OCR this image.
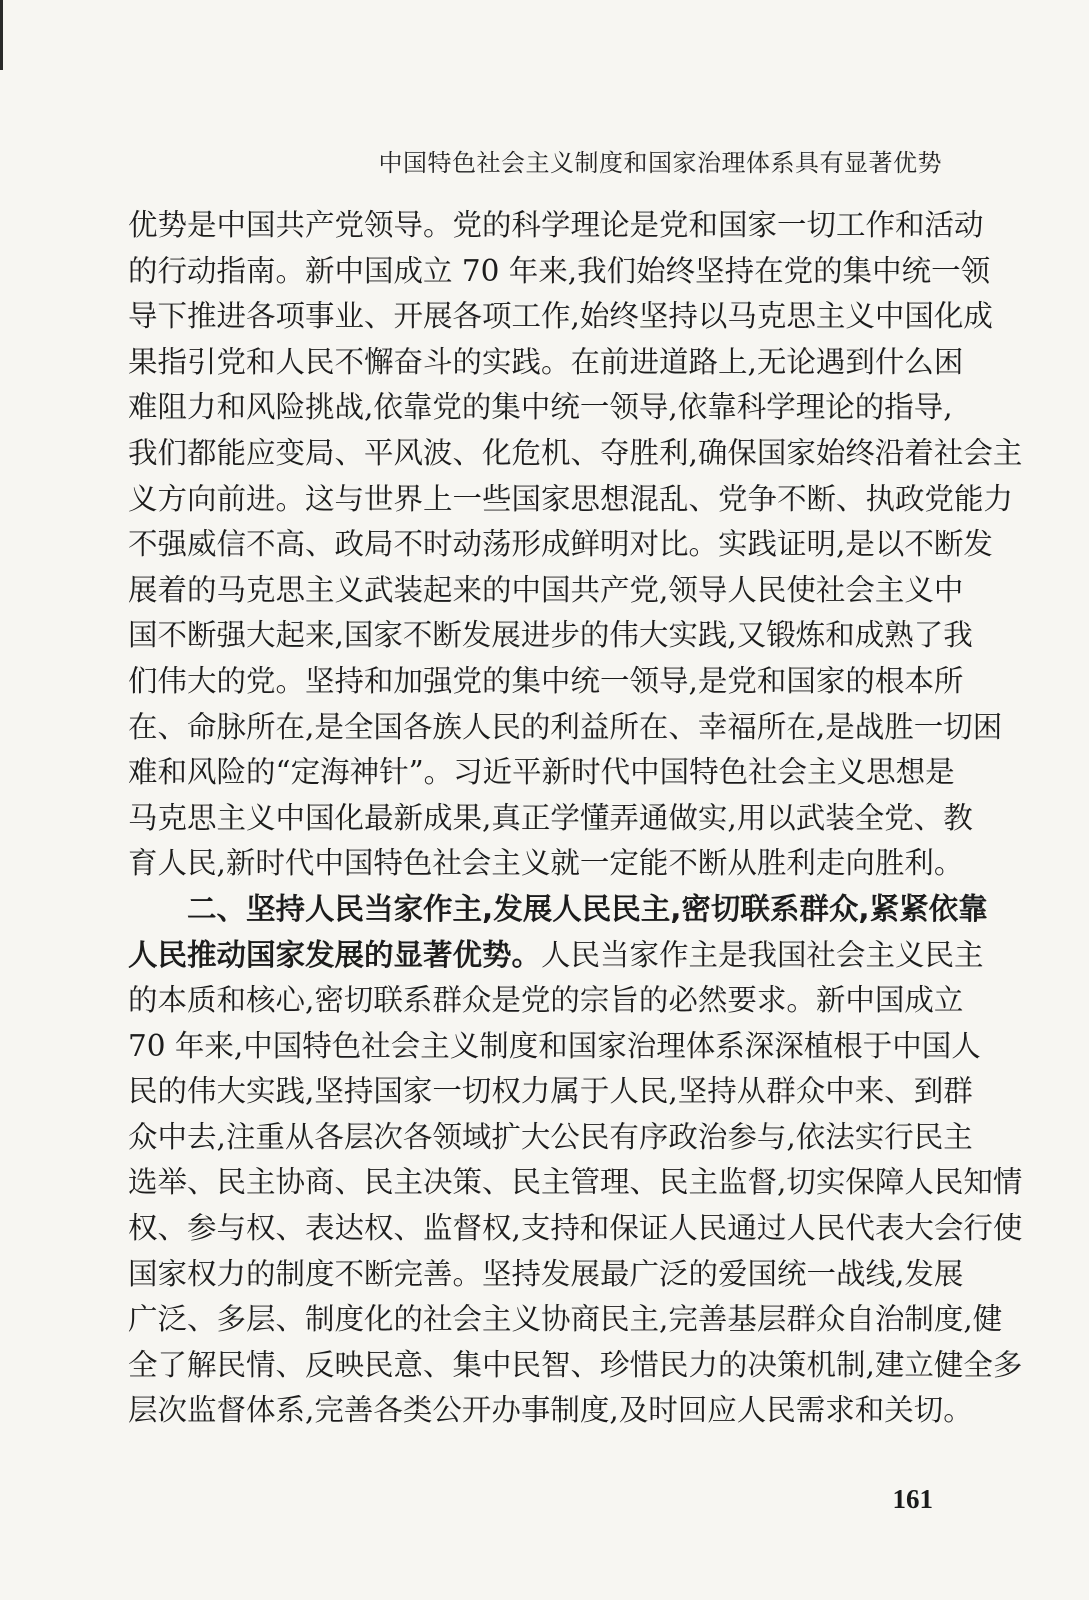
中国特色社会主义制度和国家治理体系具有显著优势
优势是中国共产党领导。党的科学理论是党和国家一切工作和活动
的行动指南。新中国成立 70 年来,我们始终坚持在党的集中统一领
导下推进各项事业、开展各项工作,始终坚持以马克思主义中国化成
果指引党和人民不懈奋斗的实践。在前进道路上,无论遇到什么困
难阻力和风险挑战,依靠党的集中统一领导,依靠科学理论的指导,
我们都能应变局、平风波、化危机、夺胜利,确保国家始终沿着社会主
义方向前进。这与世界上一些国家思想混乱、党争不断、执政党能力
不强威信不高、政局不时动荡形成鲜明对比。实践证明,是以不断发
展着的马克思主义武装起来的中国共产党,领导人民使社会主义中
国不断强大起来,国家不断发展进步的伟大实践,又锻炼和成熟了我
们伟大的党。坚持和加强党的集中统一领导,是党和国家的根本所
在、命脉所在,是全国各族人民的利益所在、幸福所在,是战胜一切困
难和风险的“定海神针”。习近平新时代中国特色社会主义思想是
马克思主义中国化最新成果,真正学懂弄通做实,用以武装全党、教
育人民,新时代中国特色社会主义就一定能不断从胜利走向胜利。
二、坚持人民当家作主,发展人民民主,密切联系群众,紧紧依靠
人民推动国家发展的显著优势。人民当家作主是我国社会主义民主
的本质和核心,密切联系群众是党的宗旨的必然要求。新中国成立
70 年来,中国特色社会主义制度和国家治理体系深深植根于中国人
民的伟大实践,坚持国家一切权力属于人民,坚持从群众中来、到群
众中去,注重从各层次各领域扩大公民有序政治参与,依法实行民主
选举、民主协商、民主决策、民主管理、民主监督,切实保障人民知情
权、参与权、表达权、监督权,支持和保证人民通过人民代表大会行使
国家权力的制度不断完善。坚持发展最广泛的爱国统一战线,发展
广泛、多层、制度化的社会主义协商民主,完善基层群众自治制度,健
全了解民情、反映民意、集中民智、珍惜民力的决策机制,建立健全多
层次监督体系,完善各类公开办事制度,及时回应人民需求和关切。
161
